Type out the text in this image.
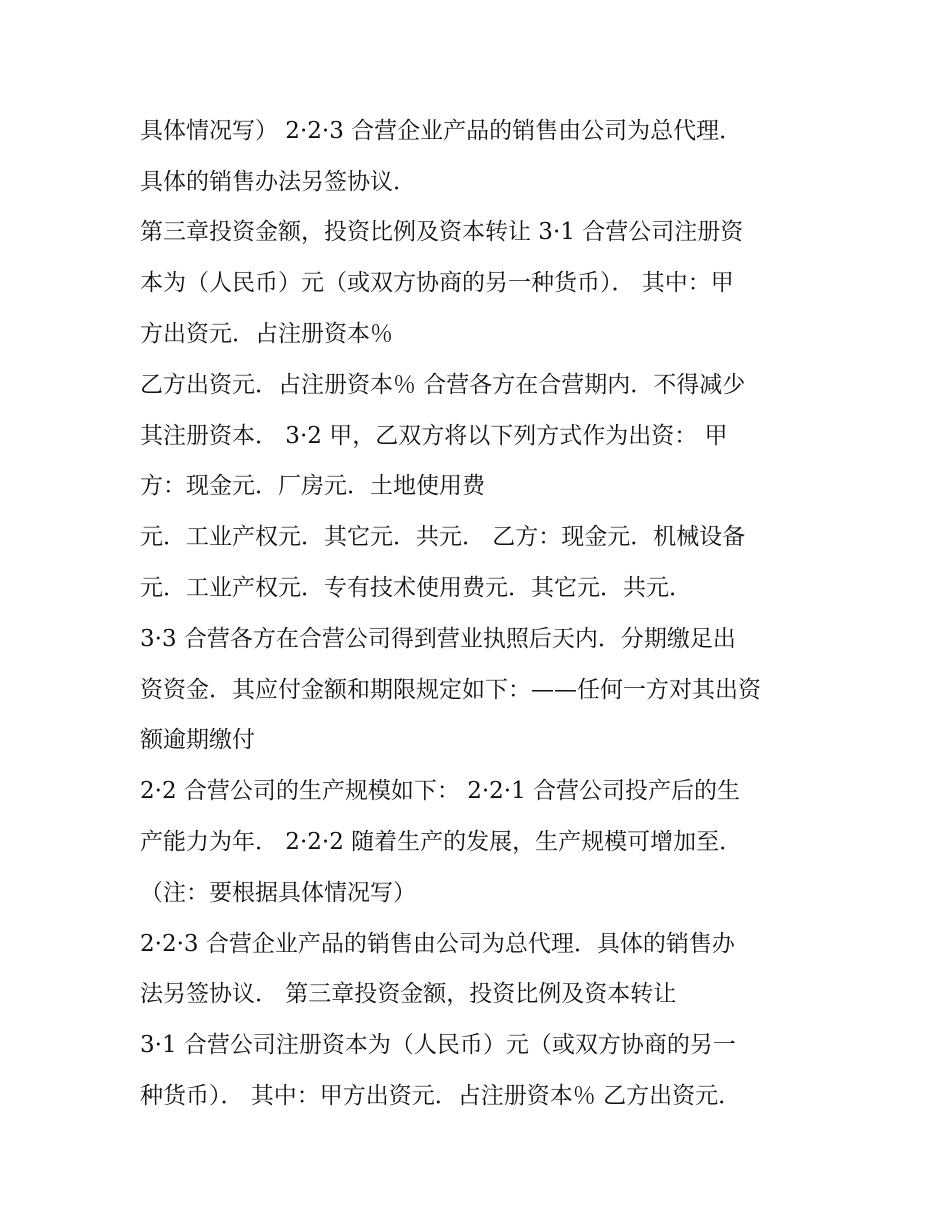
具体情况写） 2·2·3 合营企业产品的销售由公司为总代理．
具体的销售办法另签协议．
第三章投资金额，投资比例及资本转让 3·1 合营公司注册资
本为（人民币）元（或双方协商的另一种货币）． 其中：甲
方出资元．占注册资本％
乙方出资元．占注册资本％ 合营各方在合营期内．不得减少
其注册资本． 3·2 甲，乙双方将以下列方式作为出资： 甲
方：现金元．厂房元．土地使用费
元．工业产权元．其它元．共元． 乙方：现金元．机械设备
元．工业产权元．专有技术使用费元．其它元．共元．
3·3 合营各方在合营公司得到营业执照后天内．分期缴足出
资资金．其应付金额和期限规定如下：——任何一方对其出资
额逾期缴付
2·2 合营公司的生产规模如下： 2·2·1 合营公司投产后的生
产能力为年． 2·2·2 随着生产的发展，生产规模可增加至．
（注：要根据具体情况写）
2·2·3 合营企业产品的销售由公司为总代理．具体的销售办
法另签协议． 第三章投资金额，投资比例及资本转让
3·1 合营公司注册资本为（人民币）元（或双方协商的另一
种货币）． 其中：甲方出资元．占注册资本％ 乙方出资元．
